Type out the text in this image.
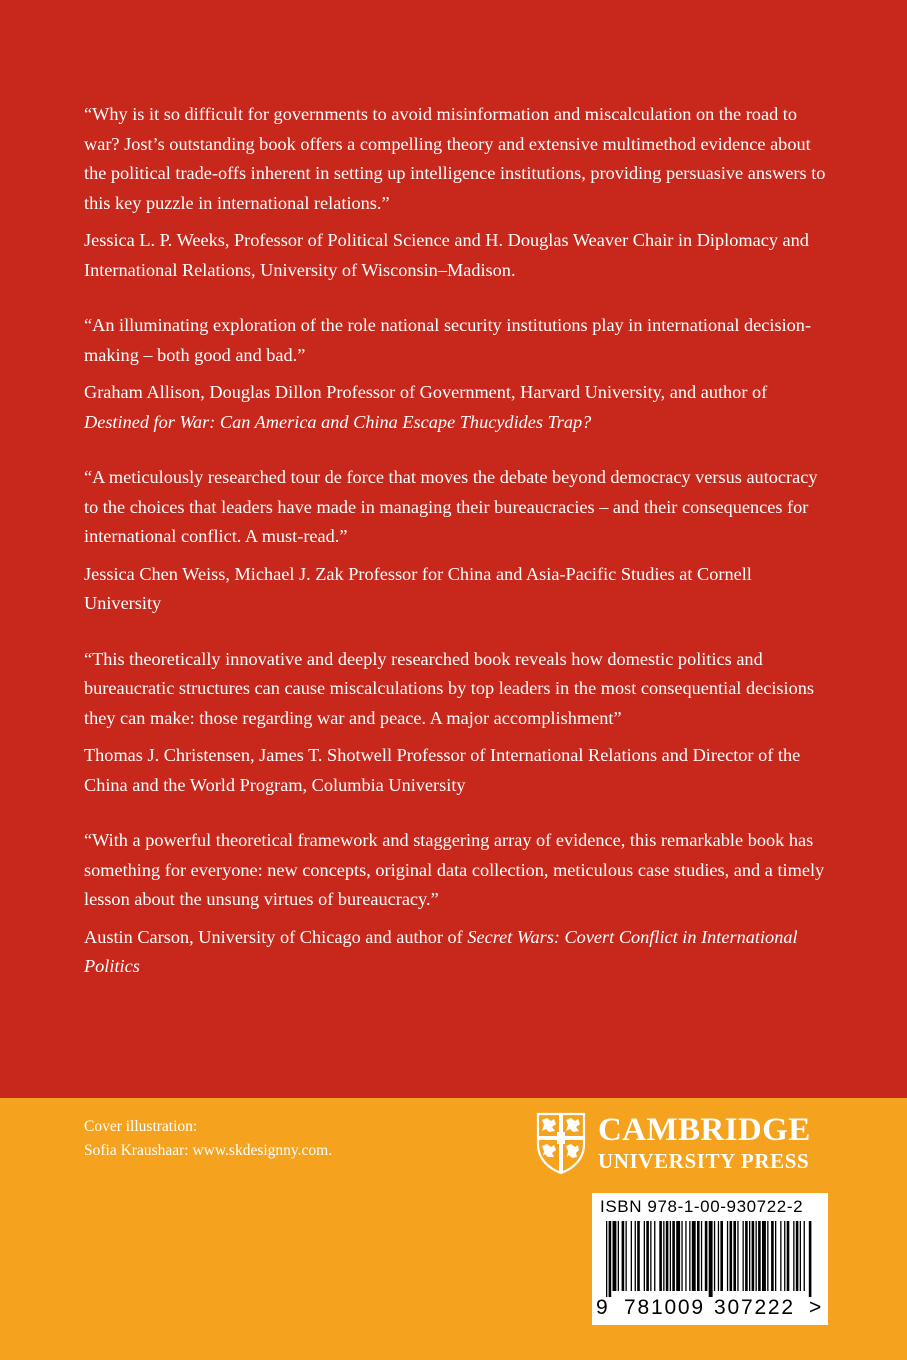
“Why is it so difficult for governments to avoid misinformation and miscalculation on the road to war? Jost’s outstanding book offers a compelling theory and extensive multimethod evidence about the political trade-offs inherent in setting up intelligence institutions, providing persuasive answers to this key puzzle in international relations.”

Jessica L. P. Weeks, Professor of Political Science and H. Douglas Weaver Chair in Diplomacy and International Relations, University of Wisconsin–Madison.

“An illuminating exploration of the role national security institutions play in international decision-making – both good and bad.”

Graham Allison, Douglas Dillon Professor of Government, Harvard University, and author of Destined for War: Can America and China Escape Thucydides Trap?

“A meticulously researched tour de force that moves the debate beyond democracy versus autocracy to the choices that leaders have made in managing their bureaucracies – and their consequences for international conflict. A must-read.”

Jessica Chen Weiss, Michael J. Zak Professor for China and Asia-Pacific Studies at Cornell University

“This theoretically innovative and deeply researched book reveals how domestic politics and bureaucratic structures can cause miscalculations by top leaders in the most consequential decisions they can make: those regarding war and peace. A major accomplishment”

Thomas J. Christensen, James T. Shotwell Professor of International Relations and Director of the China and the World Program, Columbia University

“With a powerful theoretical framework and staggering array of evidence, this remarkable book has something for everyone: new concepts, original data collection, meticulous case studies, and a timely lesson about the unsung virtues of bureaucracy.”

Austin Carson, University of Chicago and author of Secret Wars: Covert Conflict in International Politics

Cover illustration:
Sofia Kraushaar: www.skdesignny.com.
CAMBRIDGE
UNIVERSITY PRESS
ISBN 978-1-00-930722-2
9 781009 307222 >
